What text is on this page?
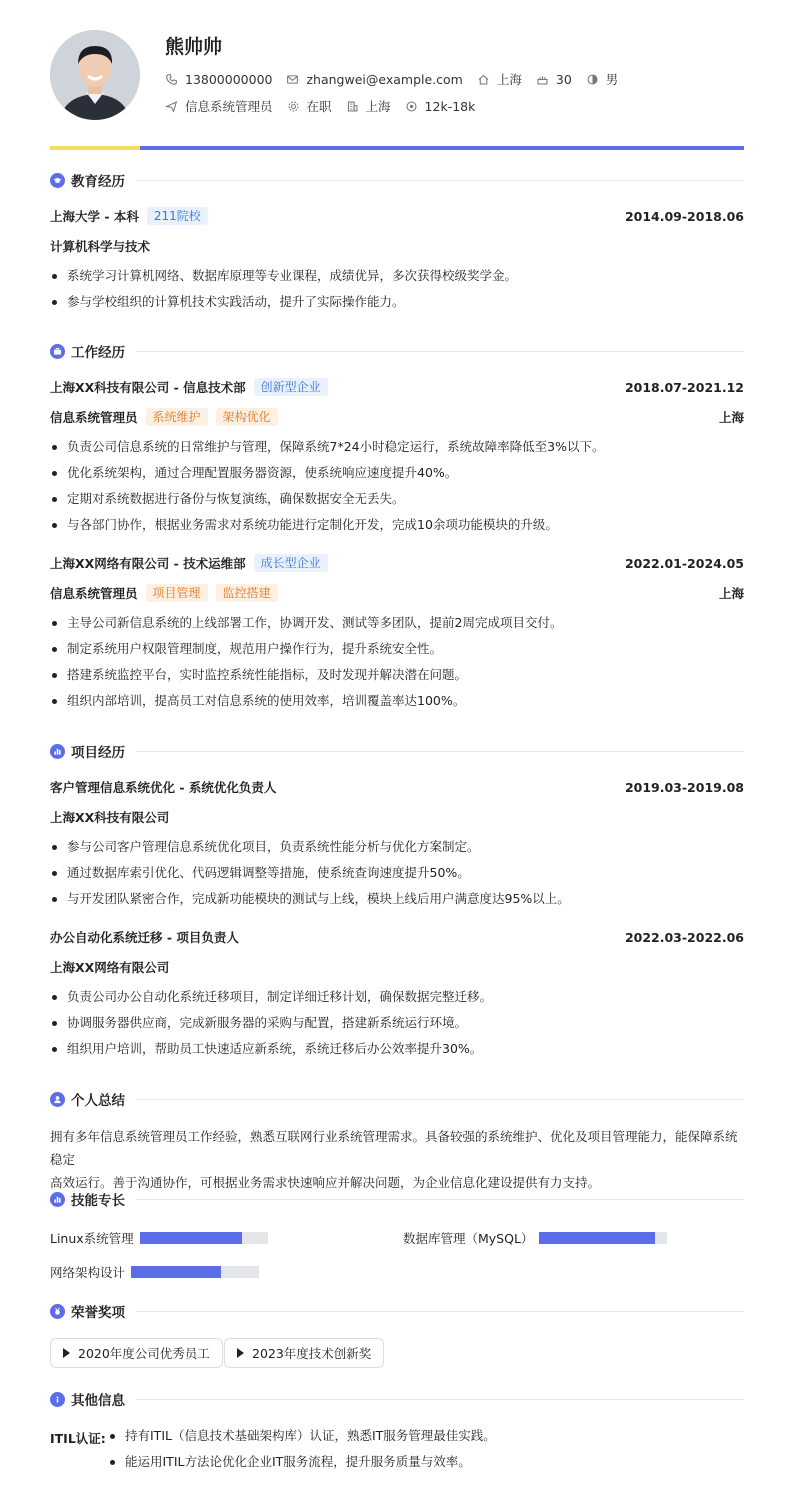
熊帅帅
13800000000	zhangwei@example.com	上海	30	男
信息系统管理员	在职	上海	12k-18k
教育经历
上海大学 - 本科	211院校	2014.09-2018.06
计算机科学与技术
系统学习计算机网络、数据库原理等专业课程，成绩优异，多次获得校级奖学金。
参与学校组织的计算机技术实践活动，提升了实际操作能力。
工作经历
上海XX科技有限公司 - 信息技术部	创新型企业	2018.07-2021.12
信息系统管理员	系统维护	架构优化	上海
负责公司信息系统的日常维护与管理，保障系统7*24小时稳定运行，系统故障率降低至3%以下。
优化系统架构，通过合理配置服务器资源，使系统响应速度提升40%。
定期对系统数据进行备份与恢复演练，确保数据安全无丢失。
与各部门协作，根据业务需求对系统功能进行定制化开发，完成10余项功能模块的升级。
上海XX网络有限公司 - 技术运维部	成长型企业	2022.01-2024.05
信息系统管理员	项目管理	监控搭建	上海
主导公司新信息系统的上线部署工作，协调开发、测试等多团队，提前2周完成项目交付。
制定系统用户权限管理制度，规范用户操作行为，提升系统安全性。
搭建系统监控平台，实时监控系统性能指标，及时发现并解决潜在问题。
组织内部培训，提高员工对信息系统的使用效率，培训覆盖率达100%。
项目经历
客户管理信息系统优化 - 系统优化负责人	2019.03-2019.08
上海XX科技有限公司
参与公司客户管理信息系统优化项目，负责系统性能分析与优化方案制定。
通过数据库索引优化、代码逻辑调整等措施，使系统查询速度提升50%。
与开发团队紧密合作，完成新功能模块的测试与上线，模块上线后用户满意度达95%以上。
办公自动化系统迁移 - 项目负责人	2022.03-2022.06
上海XX网络有限公司
负责公司办公自动化系统迁移项目，制定详细迁移计划，确保数据完整迁移。
协调服务器供应商，完成新服务器的采购与配置，搭建新系统运行环境。
组织用户培训，帮助员工快速适应新系统，系统迁移后办公效率提升30%。
个人总结
拥有多年信息系统管理员工作经验，熟悉互联网行业系统管理需求。具备较强的系统维护、优化及项目管理能力，能保障系统稳定
高效运行。善于沟通协作，可根据业务需求快速响应并解决问题，为企业信息化建设提供有力支持。
技能专长
Linux系统管理	数据库管理（MySQL）
网络架构设计
荣誉奖项
2020年度公司优秀员工	2023年度技术创新奖
其他信息
ITIL认证:	持有ITIL（信息技术基础架构库）认证，熟悉IT服务管理最佳实践。
能运用ITIL方法论优化企业IT服务流程，提升服务质量与效率。
